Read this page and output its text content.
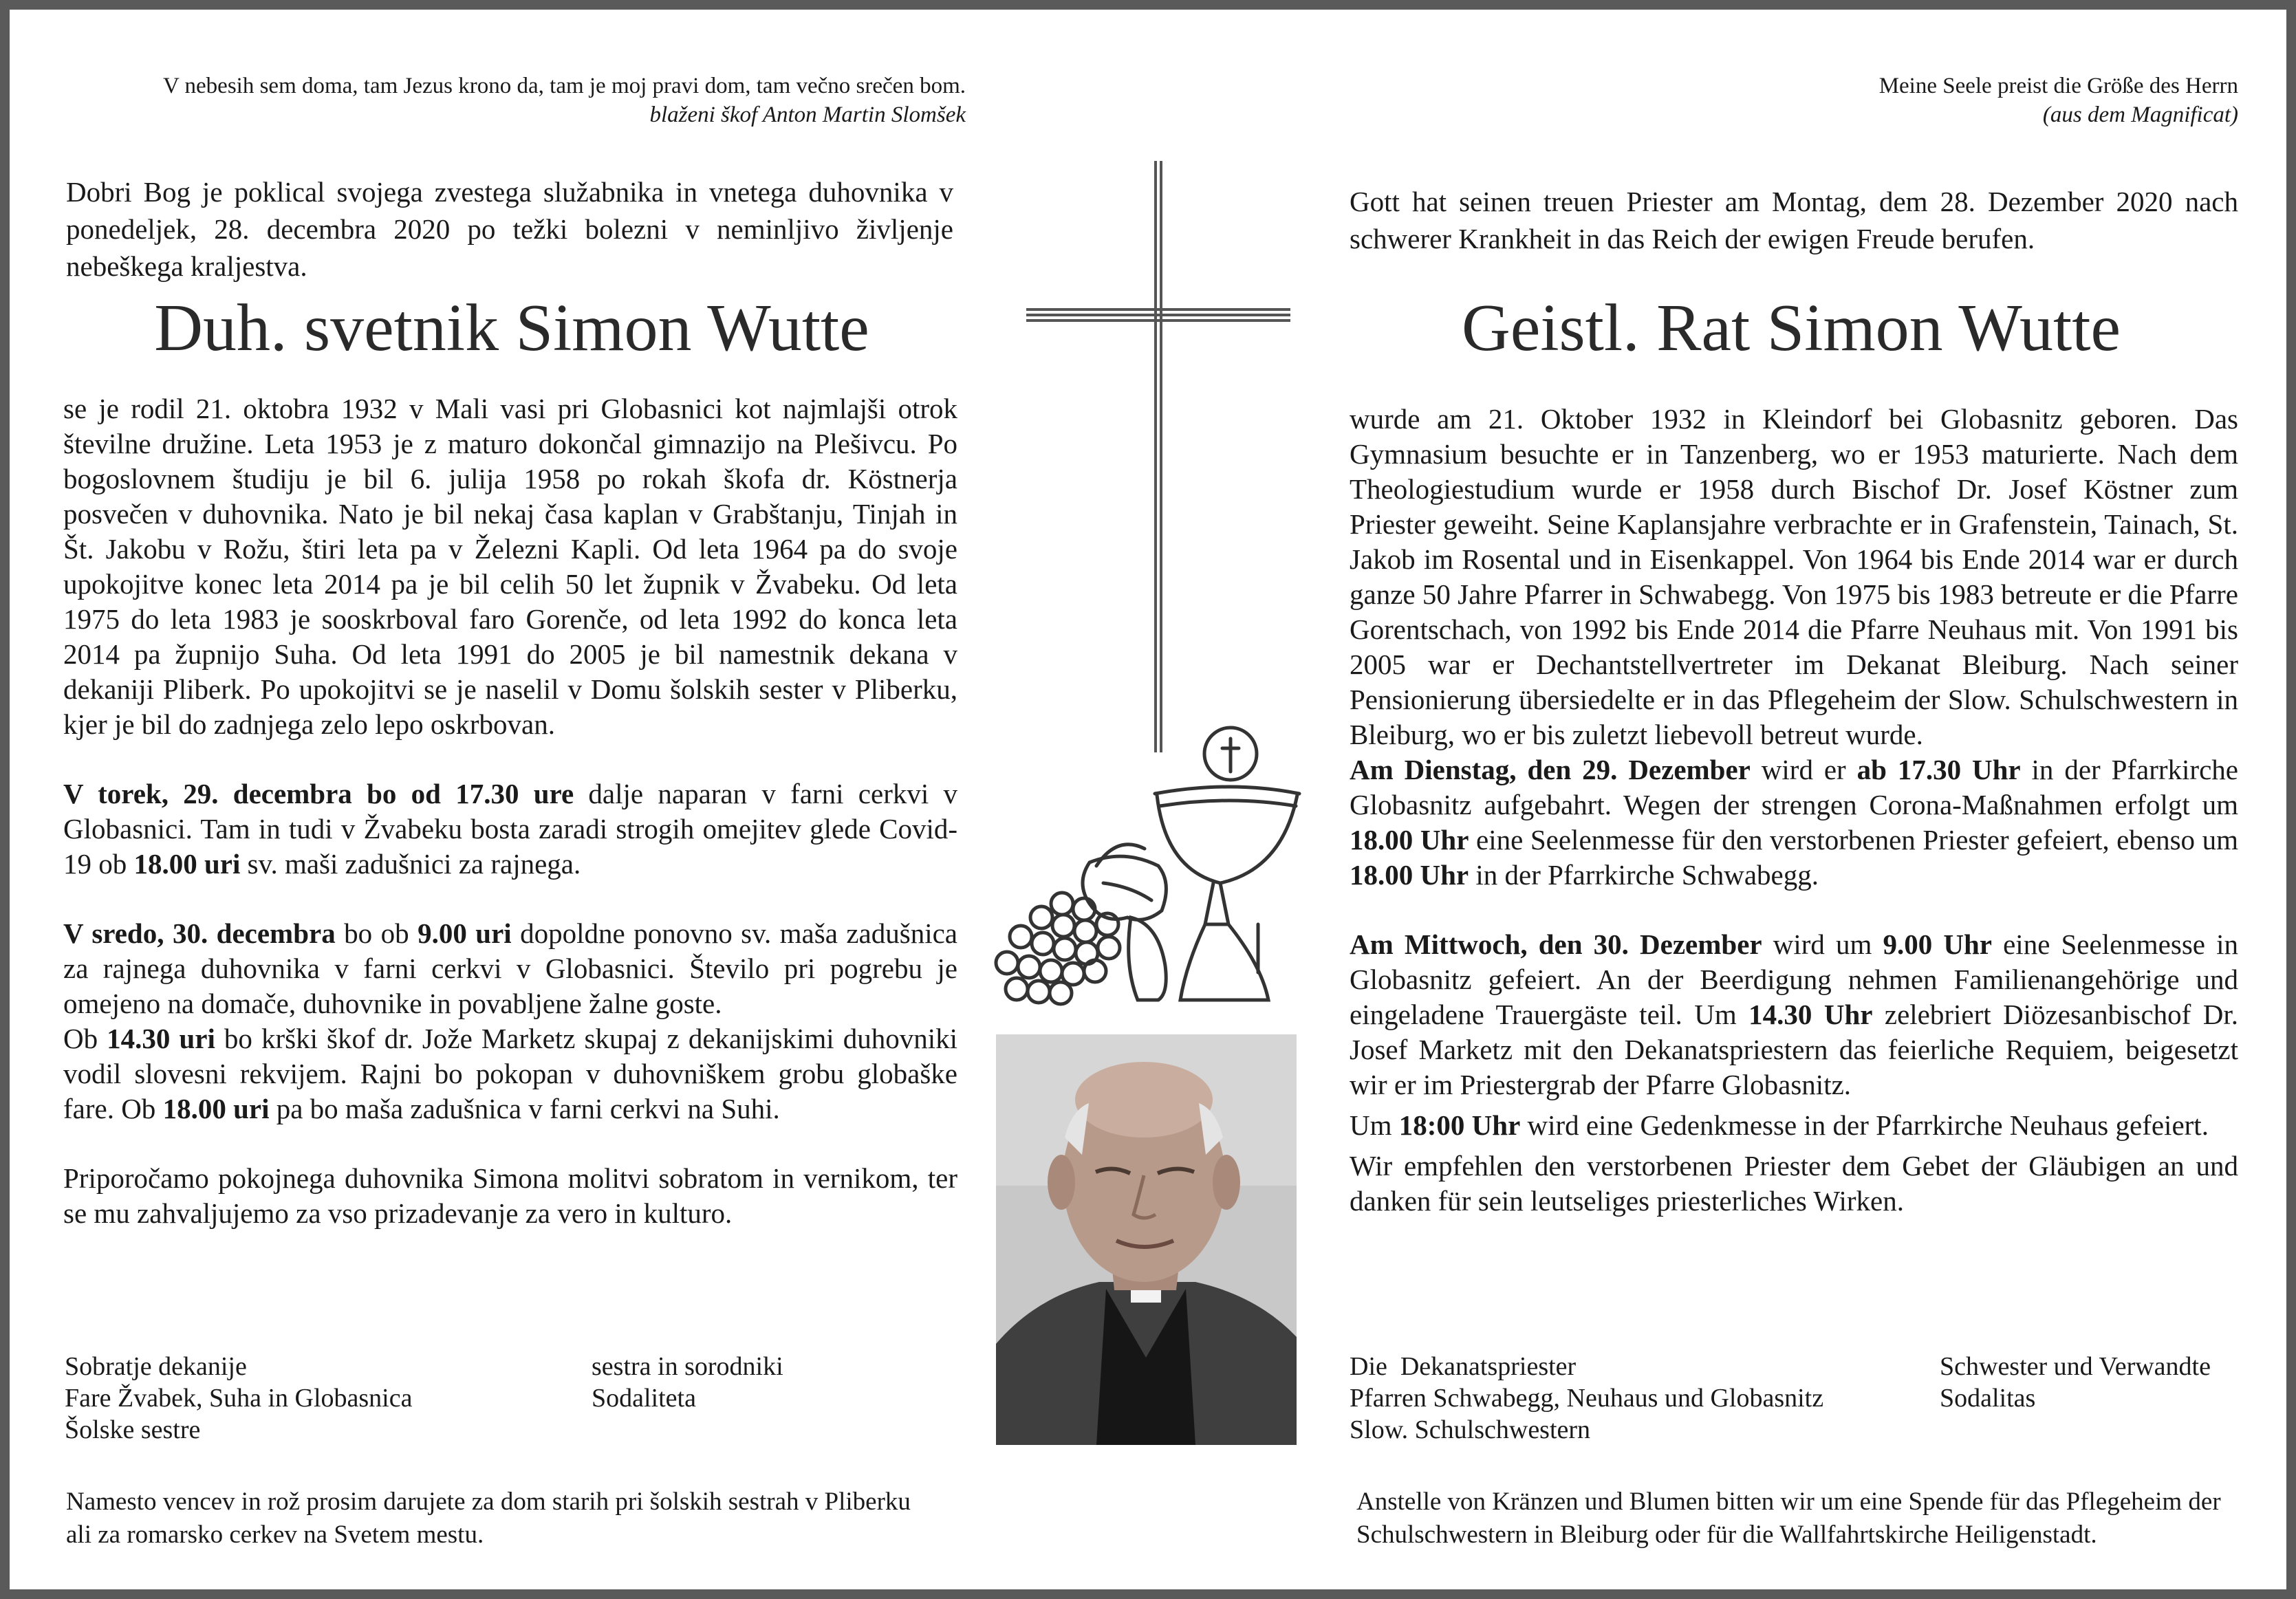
V nebesih sem doma, tam Jezus krono da, tam je moj pravi dom, tam večno srečen bom.
blaženi škof Anton Martin Slomšek
Dobri Bog je poklical svojega zvestega služabnika in vnetega duhovnika v ponedeljek, 28. decembra 2020 po težki bolezni v neminljivo življenje nebeškega kraljestva.
Duh. svetnik Simon Wutte

se je rodil 21. oktobra 1932 v Mali vasi pri Globasnici kot najmlajši otrok številne družine. Leta 1953 je z maturo dokončal gimnazijo na Plešivcu. Po bogoslovnem študiju je bil 6. julija 1958 po rokah škofa dr. Köstnerja posvečen v duhovnika. Nato je bil nekaj časa kaplan v Grabštanju, Tinjah in Št. Jakobu v Rožu, štiri leta pa v Železni Kapli. Od leta 1964 pa do svoje upokojitve konec leta 2014 pa je bil celih 50 let župnik v Žvabeku. Od leta 1975 do leta 1983 je sooskrboval faro Gorenče, od leta 1992 do konca leta 2014 pa župnijo Suha. Od leta 1991 do 2005 je bil namestnik dekana v dekaniji Pliberk. Po upokojitvi se je naselil v Domu šolskih sester v Pliberku, kjer je bil do zadnjega zelo lepo oskrbovan.

V torek, 29. decembra bo od 17.30 ure dalje naparan v farni cerkvi v Globasnici. Tam in tudi v Žvabeku bosta zaradi strogih omejitev glede Covid-19 ob 18.00 uri sv. maši zadušnici za rajnega.

V sredo, 30. decembra bo ob 9.00 uri dopoldne ponovno sv. maša zadušnica za rajnega duhovnika v farni cerkvi v Globasnici. Število pri pogrebu je omejeno na domače, duhovnike in povabljene žalne goste.

Ob 14.30 uri bo krški škof dr. Jože Marketz skupaj z dekanijskimi duhovniki vodil slovesni rekvijem. Rajni bo pokopan v duhovniškem grobu globaške fare. Ob 18.00 uri pa bo maša zadušnica v farni cerkvi na Suhi.

Priporočamo pokojnega duhovnika Simona molitvi sobratom in vernikom, ter se mu zahvaljujemo za vso prizadevanje za vero in kulturo.

Sobratje dekanije
Fare Žvabek, Suha in Globasnica
Šolske sestre
sestra in sorodniki
Sodaliteta
Namesto vencev in rož prosim darujete za dom starih pri šolskih sestrah v Pliberku ali za romarsko cerkev na Svetem mestu.
Meine Seele preist die Größe des Herrn
(aus dem Magnificat)
Gott hat seinen treuen Priester am Montag, dem 28. Dezember 2020 nach schwerer Krankheit in das Reich der ewigen Freude berufen.
Geistl. Rat Simon Wutte

wurde am 21. Oktober 1932 in Kleindorf bei Globasnitz geboren. Das Gymnasium besuchte er in Tanzenberg, wo er 1953 maturierte. Nach dem Theologiestudium wurde er 1958 durch Bischof Dr. Josef Köstner zum Priester geweiht. Seine Kaplansjahre verbrachte er in Grafenstein, Tainach, St. Jakob im Rosental und in Eisenkappel. Von 1964 bis Ende 2014 war er durch ganze 50 Jahre Pfarrer in Schwabegg. Von 1975 bis 1983 betreute er die Pfarre Gorentschach, von 1992 bis Ende 2014 die Pfarre Neuhaus mit. Von 1991 bis 2005 war er Dechantstellvertreter im Dekanat Bleiburg. Nach seiner Pensionierung übersiedelte er in das Pflegeheim der Slow. Schulschwestern in Bleiburg, wo er bis zuletzt liebevoll betreut wurde.

Am Dienstag, den 29. Dezember wird er ab 17.30 Uhr in der Pfarrkirche Globasnitz aufgebahrt. Wegen der strengen Corona-Maßnahmen erfolgt um 18.00 Uhr eine Seelenmesse für den verstorbenen Priester gefeiert, ebenso um 18.00 Uhr in der Pfarrkirche Schwabegg.

Am Mittwoch, den 30. Dezember wird um 9.00 Uhr eine Seelenmesse in Globasnitz gefeiert. An der Beerdigung nehmen Familienangehörige und eingeladene Trauergäste teil. Um 14.30 Uhr zelebriert Diözesanbischof Dr. Josef Marketz mit den Dekanatspriestern das feierliche Requiem, beigesetzt wir er im Priestergrab der Pfarre Globasnitz.

Um 18:00 Uhr wird eine Gedenkmesse in der Pfarrkirche Neuhaus gefeiert.

Wir empfehlen den verstorbenen Priester dem Gebet der Gläubigen an und danken für sein leutseliges priesterliches Wirken.

Die  Dekanatspriester
Pfarren Schwabegg, Neuhaus und Globasnitz
Slow. Schulschwestern
Schwester und Verwandte
Sodalitas
Anstelle von Kränzen und Blumen bitten wir um eine Spende für das Pflegeheim der Schulschwestern in Bleiburg oder für die Wallfahrtskirche Heiligenstadt.
